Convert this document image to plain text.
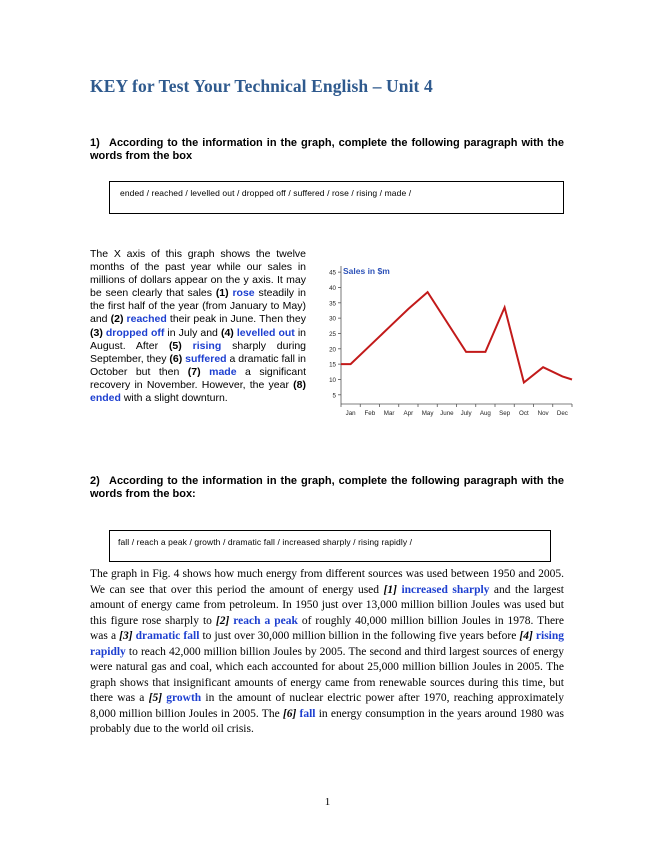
KEY for Test Your Technical English – Unit 4
1) According to the information in the graph, complete the following paragraph with the words from the box
ended / reached / levelled out / dropped off / suffered / rose / rising / made /

The X axis of this graph shows the twelve months of the past year while our sales in millions of dollars appear on the y axis. It may be seen clearly that sales (1) rose steadily in the first half of the year (from January to May) and (2) reached their peak in June. Then they (3) dropped off in July and (4) levelled out in August. After (5) rising sharply during September, they (6) suffered a dramatic fall in October but then (7) made a significant recovery in November. However, the year (8) ended with a slight downturn.	5
10
15
20
25
30
35
40
45
Jan Feb Mar Apr May June July Aug Sep Oct Nov Dec
Sales in $m
2) According to the information in the graph, complete the following paragraph with the words from the box:
fall / reach a peak / growth / dramatic fall / increased sharply / rising rapidly /

The graph in Fig. 4 shows how much energy from different sources was used between 1950 and 2005. We can see that over this period the amount of energy used [1] increased sharply and the largest amount of energy came from petroleum. In 1950 just over 13,000 million billion Joules was used but this figure rose sharply to [2] reach a peak of roughly 40,000 million billion Joules in 1978. There was a [3] dramatic fall to just over 30,000 million billion in the following five years before [4] rising rapidly to reach 42,000 million billion Joules by 2005. The second and third largest sources of energy were natural gas and coal, which each accounted for about 25,000 million billion Joules in 2005. The graph shows that insignificant amounts of energy came from renewable sources during this time, but there was a [5] growth in the amount of nuclear electric power after 1970, reaching approximately 8,000 million billion Joules in 2005. The [6] fall in energy consumption in the years around 1980 was probably due to the world oil crisis.

1
